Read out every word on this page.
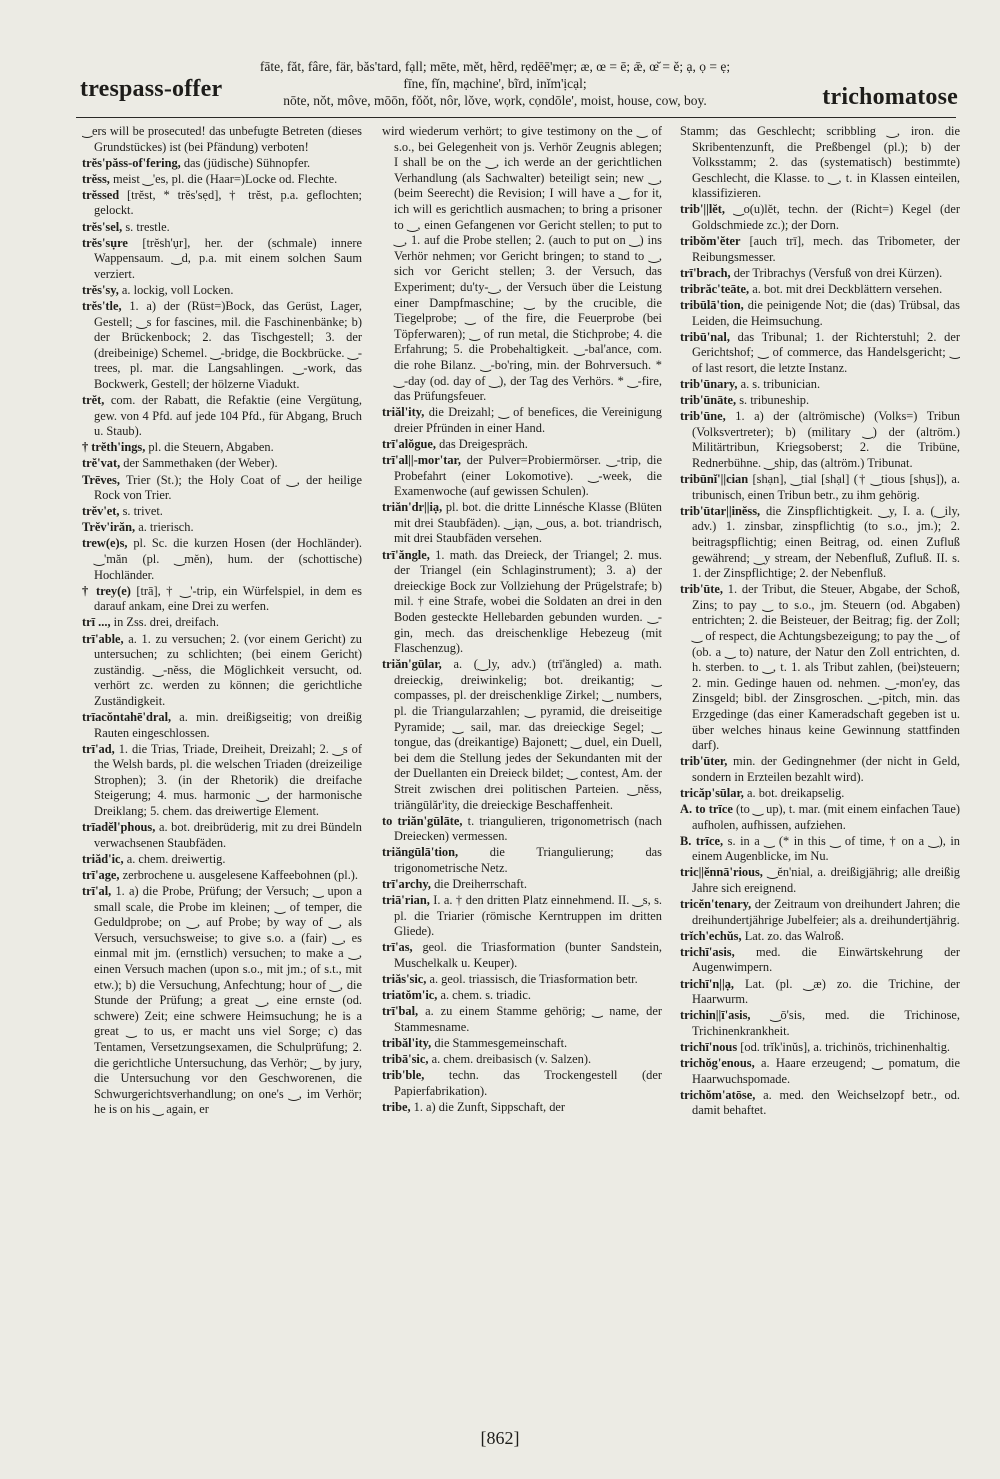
trespass-offer
fāte, făt, fâre, fär, băs'tard, fạll; mēte, mĕt, hẽrd, rẹdēē'mẹr; æ, œ = ē; ǣ, œ̆ = ĕ; ạ, ọ = ẹ;
fīne, fĭn, mạchine', bĩrd, inĭm'ịcạl;
nōte, nŏt, môve, mōōn, fŏŏt, nôr, lŏve, wọrk, cọndōle', moist, house, cow, boy.	trichomatose
‿ers will be prosecuted! das unbefugte Betreten (dieses Grundstückes) ist (bei Pfändung) verboten!
trĕs'păss-of'fering, das (jüdische) Sühnopfer.
trĕss, meist ‿'es, pl. die (Haar=)Locke od. Flechte.
trĕssed [trĕst, * trĕs'sẹd], † trĕst, p.a. geflochten; gelockt.
trĕs'sel, s. trestle.
trĕs'sụre [trĕsh'ụr], her. der (schmale) innere Wappensaum. ‿d, p.a. mit einem solchen Saum verziert.
trĕs'sy, a. lockig, voll Locken.
trĕs'tle, 1. a) der (Rüst=)Bock, das Gerüst, Lager, Gestell; ‿s for fascines, mil. die Faschinenbänke; b) der Brückenbock; 2. das Tischgestell; 3. der (dreibeinige) Schemel. ‿-bridge, die Bockbrücke. ‿-trees, pl. mar. die Langsahlingen. ‿-work, das Bockwerk, Gestell; der hölzerne Viadukt.
trĕt, com. der Rabatt, die Refaktie (eine Vergütung, gew. von 4 Pfd. auf jede 104 Pfd., für Abgang, Bruch u. Staub).
† trĕth'ings, pl. die Steuern, Abgaben.
trĕ'vat, der Sammethaken (der Weber).
Trēves, Trier (St.); the Holy Coat of ‿, der heilige Rock von Trier.
trĕv'et, s. trivet.
Trĕv'irăn, a. trierisch.
trew(e)s, pl. Sc. die kurzen Hosen (der Hochländer). ‿'măn (pl. ‿mĕn), hum. der (schottische) Hochländer.
† trey(e) [trā], † ‿'-trip, ein Würfelspiel, in dem es darauf ankam, eine Drei zu werfen.
trī ..., in Zss. drei, dreifach.
trī'able, a. 1. zu versuchen; 2. (vor einem Gericht) zu untersuchen; zu schlichten; (bei einem Gericht) zuständig. ‿-nĕss, die Möglichkeit versucht, od. verhört zc. werden zu können; die gerichtliche Zuständigkeit.
trīacŏntahē'dral, a. min. dreißigseitig; von dreißig Rauten eingeschlossen.
trī'ad, 1. die Trias, Triade, Dreiheit, Dreizahl; 2. ‿s of the Welsh bards, pl. die welschen Triaden (dreizeilige Strophen); 3. (in der Rhetorik) die dreifache Steigerung; 4. mus. harmonic ‿, der harmonische Dreiklang; 5. chem. das dreiwertige Element.
trīadĕl'phous, a. bot. dreibrüderig, mit zu drei Bündeln verwachsenen Staubfäden.
triăd'ic, a. chem. dreiwertig.
trī'age, zerbrochene u. ausgelesene Kaffeebohnen (pl.).
trī'al, 1. a) die Probe, Prüfung; der Versuch; ‿ upon a small scale, die Probe im kleinen; ‿ of temper, die Geduldprobe; on ‿, auf Probe; by way of ‿, als Versuch, versuchsweise; to give s.o. a (fair) ‿, es einmal mit jm. (ernstlich) versuchen; to make a ‿, einen Versuch machen (upon s.o., mit jm.; of s.t., mit etw.); b) die Versuchung, Anfechtung; hour of ‿, die Stunde der Prüfung; a great ‿, eine ernste (od. schwere) Zeit; eine schwere Heimsuchung; he is a great ‿ to us, er macht uns viel Sorge; c) das Tentamen, Versetzungsexamen, die Schulprüfung; 2. die gerichtliche Untersuchung, das Verhör; ‿ by jury, die Untersuchung vor den Geschworenen, die Schwurgerichtsverhandlung; on one's ‿, im Verhör; he is on his ‿ again, er
wird wiederum verhört; to give testimony on the ‿ of s.o., bei Gelegenheit von js. Verhör Zeugnis ablegen; I shall be on the ‿, ich werde an der gerichtlichen Verhandlung (als Sachwalter) beteiligt sein; new ‿, (beim Seerecht) die Revision; I will have a ‿ for it, ich will es gerichtlich ausmachen; to bring a prisoner to ‿, einen Gefangenen vor Gericht stellen; to put to ‿, 1. auf die Probe stellen; 2. (auch to put on ‿) ins Verhör nehmen; vor Gericht bringen; to stand to ‿, sich vor Gericht stellen; 3. der Versuch, das Experiment; du'ty-‿, der Versuch über die Leistung einer Dampfmaschine; ‿ by the crucible, die Tiegelprobe; ‿ of the fire, die Feuerprobe (bei Töpferwaren); ‿ of run metal, die Stichprobe; 4. die Erfahrung; 5. die Probehaltigkeit. ‿-bal'ance, com. die rohe Bilanz. ‿-bo'ring, min. der Bohrversuch. * ‿-day (od. day of ‿), der Tag des Verhörs. * ‿-fire, das Prüfungsfeuer.
triăl'ity, die Dreizahl; ‿ of benefices, die Vereinigung dreier Pfründen in einer Hand.
trī'alŏgue, das Dreigespräch.
trī'al||-mor'tar, der Pulver=Probiermörser. ‿-trip, die Probefahrt (einer Lokomotive). ‿-week, die Examenwoche (auf gewissen Schulen).
triăn'dr||iạ, pl. bot. die dritte Linnésche Klasse (Blüten mit drei Staubfäden). ‿iạn, ‿ous, a. bot. triandrisch, mit drei Staubfäden versehen.
trī'ăngle, 1. math. das Dreieck, der Triangel; 2. mus. der Triangel (ein Schlaginstrument); 3. a) der dreieckige Bock zur Vollziehung der Prügelstrafe; b) mil. † eine Strafe, wobei die Soldaten an drei in den Boden gesteckte Hellebarden gebunden wurden. ‿-gin, mech. das dreischenklige Hebezeug (mit Flaschenzug).
triăn'gūlar, a. (‿ly, adv.) (trī'ăngled) a. math. dreieckig, dreiwinkelig; bot. dreikantig; ‿ compasses, pl. der dreischenklige Zirkel; ‿ numbers, pl. die Triangularzahlen; ‿ pyramid, die dreiseitige Pyramide; ‿ sail, mar. das dreieckige Segel; ‿ tongue, das (dreikantige) Bajonett; ‿ duel, ein Duell, bei dem die Stellung jedes der Sekundanten mit der der Duellanten ein Dreieck bildet; ‿ contest, Am. der Streit zwischen drei politischen Parteien. ‿nĕss, triăngūlăr'ity, die dreieckige Beschaffenheit.
to triăn'gūlāte, t. triangulieren, trigonometrisch (nach Dreiecken) vermessen.
triăngūlā'tion, die Triangulierung; das trigonometrische Netz.
trī'archy, die Dreiherrschaft.
triā'rian, I. a. † den dritten Platz einnehmend. II. ‿s, s. pl. die Triarier (römische Kerntruppen im dritten Gliede).
trī'as, geol. die Triasformation (bunter Sandstein, Muschelkalk u. Keuper).
triăs'sic, a. geol. triassisch, die Triasformation betr.
triatŏm'ic, a. chem. s. triadic.
trī'bal, a. zu einem Stamme gehörig; ‿ name, der Stammesname.
tribăl'ity, die Stammesgemeinschaft.
tribā'sic, a. chem. dreibasisch (v. Salzen).
trib'ble, techn. das Trockengestell (der Papierfabrikation).
tribe, 1. a) die Zunft, Sippschaft, der
Stamm; das Geschlecht; scribbling ‿, iron. die Skribentenzunft, die Preßbengel (pl.); b) der Volksstamm; 2. das (systematisch) bestimmte) Geschlecht, die Klasse. to ‿, t. in Klassen einteilen, klassifizieren.
trib'||lĕt, ‿o(u)lĕt, techn. der (Richt=) Kegel (der Goldschmiede zc.); der Dorn.
tribŏm'ĕter [auch trī], mech. das Tribometer, der Reibungsmesser.
trī'brach, der Tribrachys (Versfuß von drei Kürzen).
tribrăc'teāte, a. bot. mit drei Deckblättern versehen.
tribūlā'tion, die peinigende Not; die (das) Trübsal, das Leiden, die Heimsuchung.
tribū'nal, das Tribunal; 1. der Richterstuhl; 2. der Gerichtshof; ‿ of commerce, das Handelsgericht; ‿ of last resort, die letzte Instanz.
trib'ūnary, a. s. tribunician.
trib'ūnāte, s. tribuneship.
trib'ūne, 1. a) der (altrömische) (Volks=) Tribun (Volksvertreter); b) (military ‿) der (altröm.) Militärtribun, Kriegsoberst; 2. die Tribüne, Rednerbühne. ‿ship, das (altröm.) Tribunat.
tribūnĭ'||cian [shạn], ‿tial [shạl] († ‿tious [shụs]), a. tribunisch, einen Tribun betr., zu ihm gehörig.
trib'ūtar||inĕss, die Zinspflichtigkeit. ‿y, I. a. (‿ily, adv.) 1. zinsbar, zinspflichtig (to s.o., jm.); 2. beitragspflichtig; einen Beitrag, od. einen Zufluß gewährend; ‿y stream, der Nebenfluß, Zufluß. II. s. 1. der Zinspflichtige; 2. der Nebenfluß.
trib'ūte, 1. der Tribut, die Steuer, Abgabe, der Schoß, Zins; to pay ‿ to s.o., jm. Steuern (od. Abgaben) entrichten; 2. die Beisteuer, der Beitrag; fig. der Zoll; ‿ of respect, die Achtungsbezeigung; to pay the ‿ of (ob. a ‿ to) nature, der Natur den Zoll entrichten, d. h. sterben. to ‿, t. 1. als Tribut zahlen, (bei)steuern; 2. min. Gedinge hauen od. nehmen. ‿-mon'ey, das Zinsgeld; bibl. der Zinsgroschen. ‿-pitch, min. das Erzgedinge (das einer Kameradschaft gegeben ist u. über welches hinaus keine Gewinnung stattfinden darf).
trib'ūter, min. der Gedingnehmer (der nicht in Geld, sondern in Erzteilen bezahlt wird).
tricăp'sūlar, a. bot. dreikapselig.
A. to trīce (to ‿ up), t. mar. (mit einem einfachen Taue) aufholen, aufhissen, aufziehen.
B. trīce, s. in a ‿ (* in this ‿ of time, † on a ‿), in einem Augenblicke, im Nu.
tric||ĕnnā'rious, ‿ĕn'nial, a. dreißigjährig; alle dreißig Jahre sich ereignend.
tricĕn'tenary, der Zeitraum von dreihundert Jahren; die dreihundertjährige Jubelfeier; als a. dreihundertjährig.
trĭch'echŭs, Lat. zo. das Walroß.
trichī'asis, med. die Einwärtskehrung der Augenwimpern.
trichī'n||ạ, Lat. (pl. ‿æ) zo. die Trichine, der Haarwurm.
trichin||ī'asis, ‿ō'sis, med. die Trichinose, Trichinenkrankheit.
trichī'nous [od. trĭk'inŭs], a. trichinös, trichinenhaltig.
trichŏg'enous, a. Haare erzeugend; ‿ pomatum, die Haarwuchspomade.
trichŏm'atōse, a. med. den Weichselzopf betr., od. damit behaftet.
[862]
